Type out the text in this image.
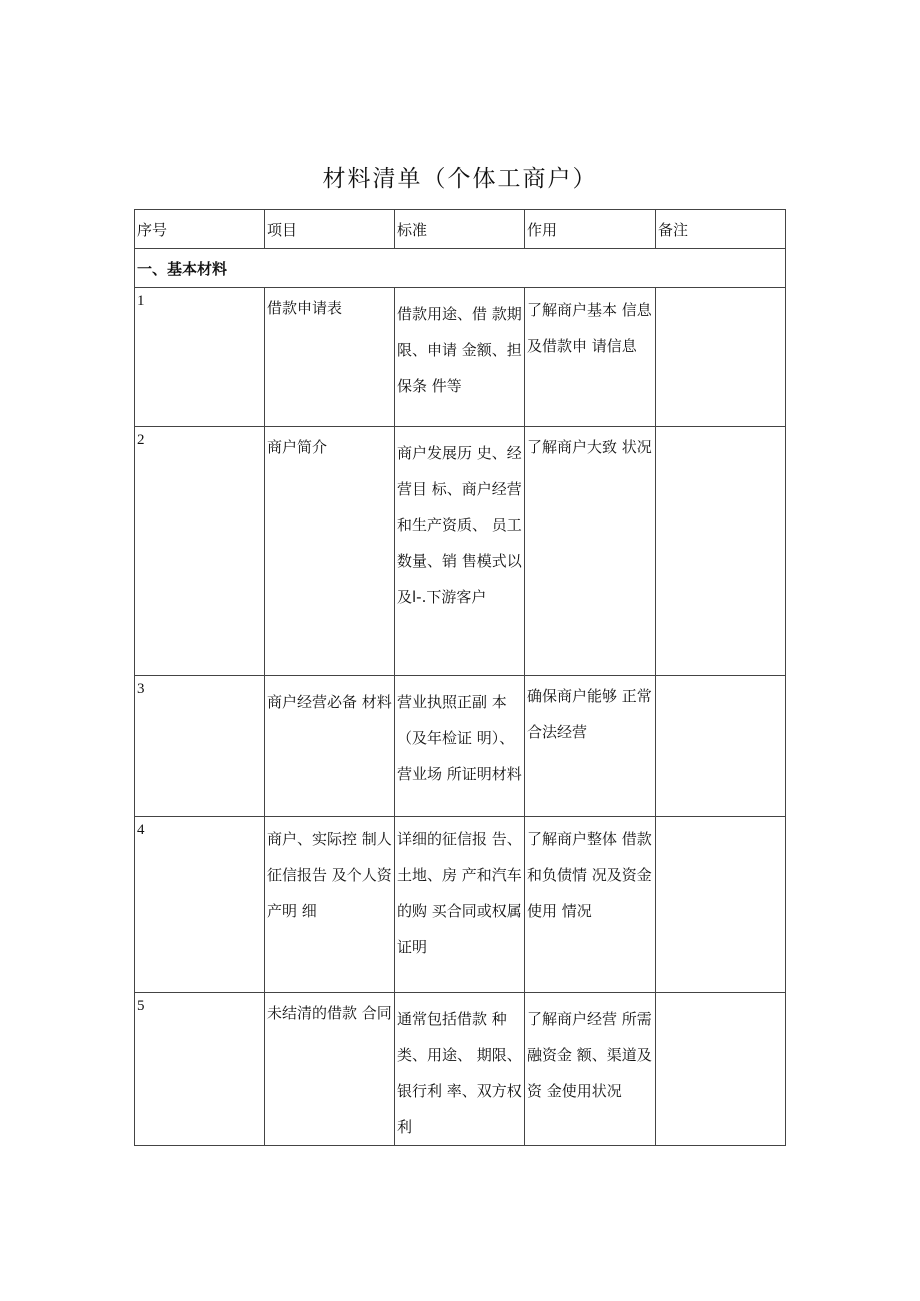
材料清单（个体工商户）
序号	项目	标准	作用	备注

一、基本材料				

1	借款申请表	借款用途、借 款期限、申请 金额、担保条 件等	了解商户基本 信息及借款申 请信息	

2	商户简介	商户发展历 史、经营目 标、商户经营 和生产资质、 员工数量、销 售模式以及l-.下游客户	了解商户大致 状况	

3	商户经营必备 材料	营业执照正副 本（及年检证 明）、营业场 所证明材料	确保商户能够 正常合法经营	

4	商户、实际控 制人征信报告 及个人资产明 细	详细的征信报 告、土地、房 产和汽车的购 买合同或权属 证明	了解商户整体 借款和负债情 况及资金使用 情况	

5	未结清的借款 合同	通常包括借款 种类、用途、 期限、银行利 率、双方权利	了解商户经营 所需融资金 额、渠道及资 金使用状况	
